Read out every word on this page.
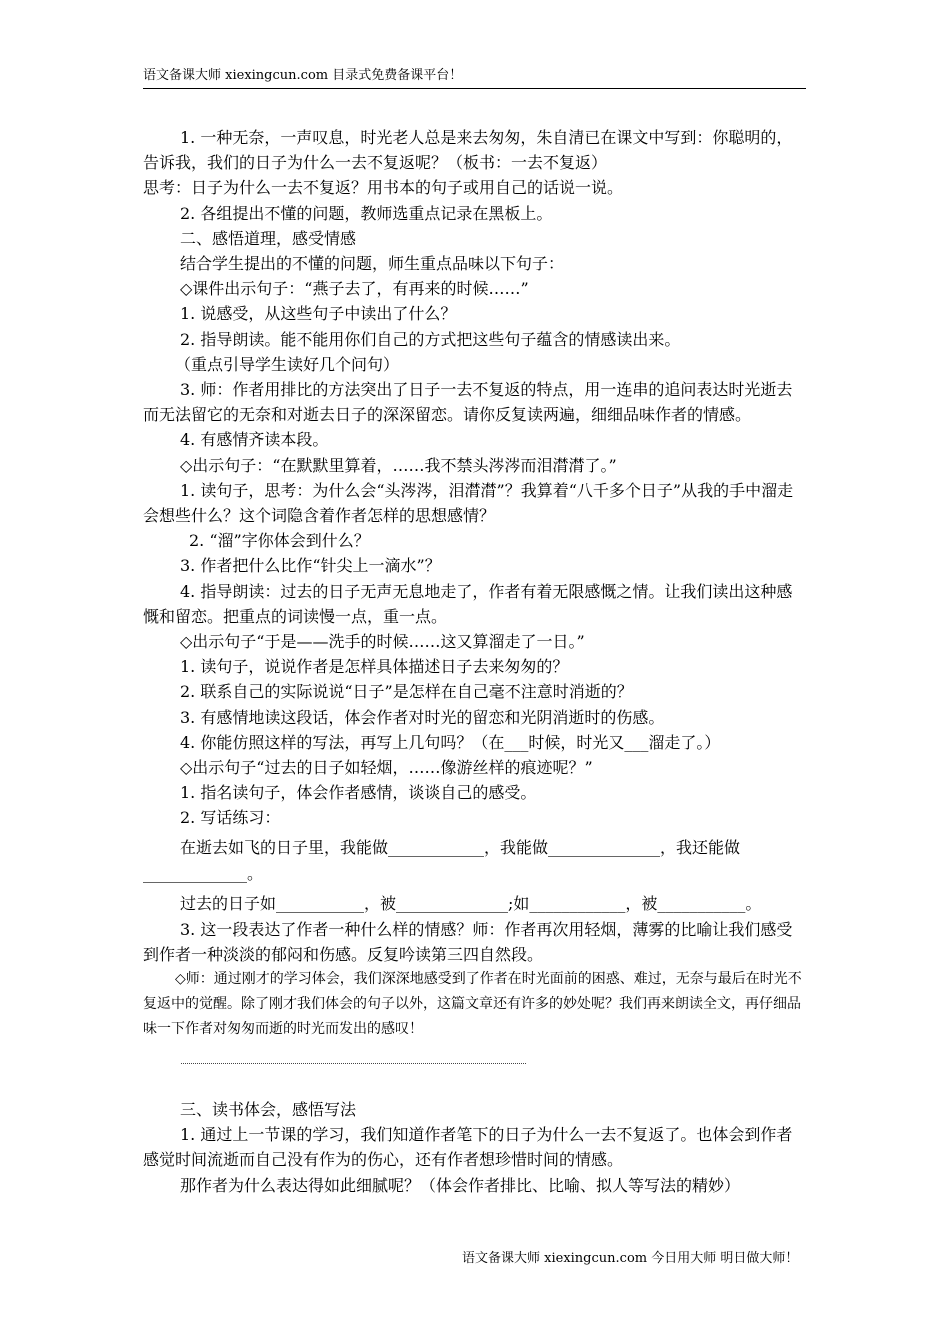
语文备课大师 xiexingcun.com 目录式免费备课平台！

1. 一种无奈，一声叹息，时光老人总是来去匆匆，朱自清已在课文中写到：你聪明的，告诉我，我们的日子为什么一去不复返呢？（板书：一去不复返）

思考：日子为什么一去不复返？用书本的句子或用自己的话说一说。

2. 各组提出不懂的问题，教师选重点记录在黑板上。

二、感悟道理，感受情感

结合学生提出的不懂的问题，师生重点品味以下句子：

◇课件出示句子：“燕子去了，有再来的时候……”

1. 说感受，从这些句子中读出了什么？

2. 指导朗读。能不能用你们自己的方式把这些句子蕴含的情感读出来。

（重点引导学生读好几个问句）

3. 师：作者用排比的方法突出了日子一去不复返的特点，用一连串的追问表达时光逝去而无法留它的无奈和对逝去日子的深深留恋。请你反复读两遍，细细品味作者的情感。

4. 有感情齐读本段。

◇出示句子：“在默默里算着，……我不禁头涔涔而泪潸潸了。”

1. 读句子，思考：为什么会“头涔涔，泪潸潸”？我算着“八千多个日子”从我的手中溜走会想些什么？这个词隐含着作者怎样的思想感情？

2. “溜”字你体会到什么？

3. 作者把什么比作“针尖上一滴水”？

4. 指导朗读：过去的日子无声无息地走了，作者有着无限感慨之情。让我们读出这种感慨和留恋。把重点的词读慢一点，重一点。

◇出示句子“于是——洗手的时候……这又算溜走了一日。”

1. 读句子，说说作者是怎样具体描述日子去来匆匆的？

2. 联系自己的实际说说“日子”是怎样在自己毫不注意时消逝的？

3. 有感情地读这段话，体会作者对时光的留恋和光阴消逝时的伤感。

4. 你能仿照这样的写法，再写上几句吗？（在___时候，时光又___溜走了。）

◇出示句子“过去的日子如轻烟，……像游丝样的痕迹呢？”

1. 指名读句子，体会作者感情，谈谈自己的感受。

2. 写话练习：

在逝去如飞的日子里，我能做____________，我能做______________，我还能做_____________。

过去的日子如___________，被______________;如____________，被___________。

3. 这一段表达了作者一种什么样的情感？师：作者再次用轻烟，薄雾的比喻让我们感受到作者一种淡淡的郁闷和伤感。反复吟读第三四自然段。

◇师：通过刚才的学习体会，我们深深地感受到了作者在时光面前的困惑、难过，无奈与最后在时光不复返中的觉醒。除了刚才我们体会的句子以外，这篇文章还有许多的妙处呢？我们再来朗读全文，再仔细品味一下作者对匆匆而逝的时光而发出的感叹！

三、读书体会，感悟写法

1. 通过上一节课的学习，我们知道作者笔下的日子为什么一去不复返了。也体会到作者感觉时间流逝而自己没有作为的伤心，还有作者想珍惜时间的情感。

那作者为什么表达得如此细腻呢？（体会作者排比、比喻、拟人等写法的精妙）

语文备课大师 xiexingcun.com 今日用大师 明日做大师！
